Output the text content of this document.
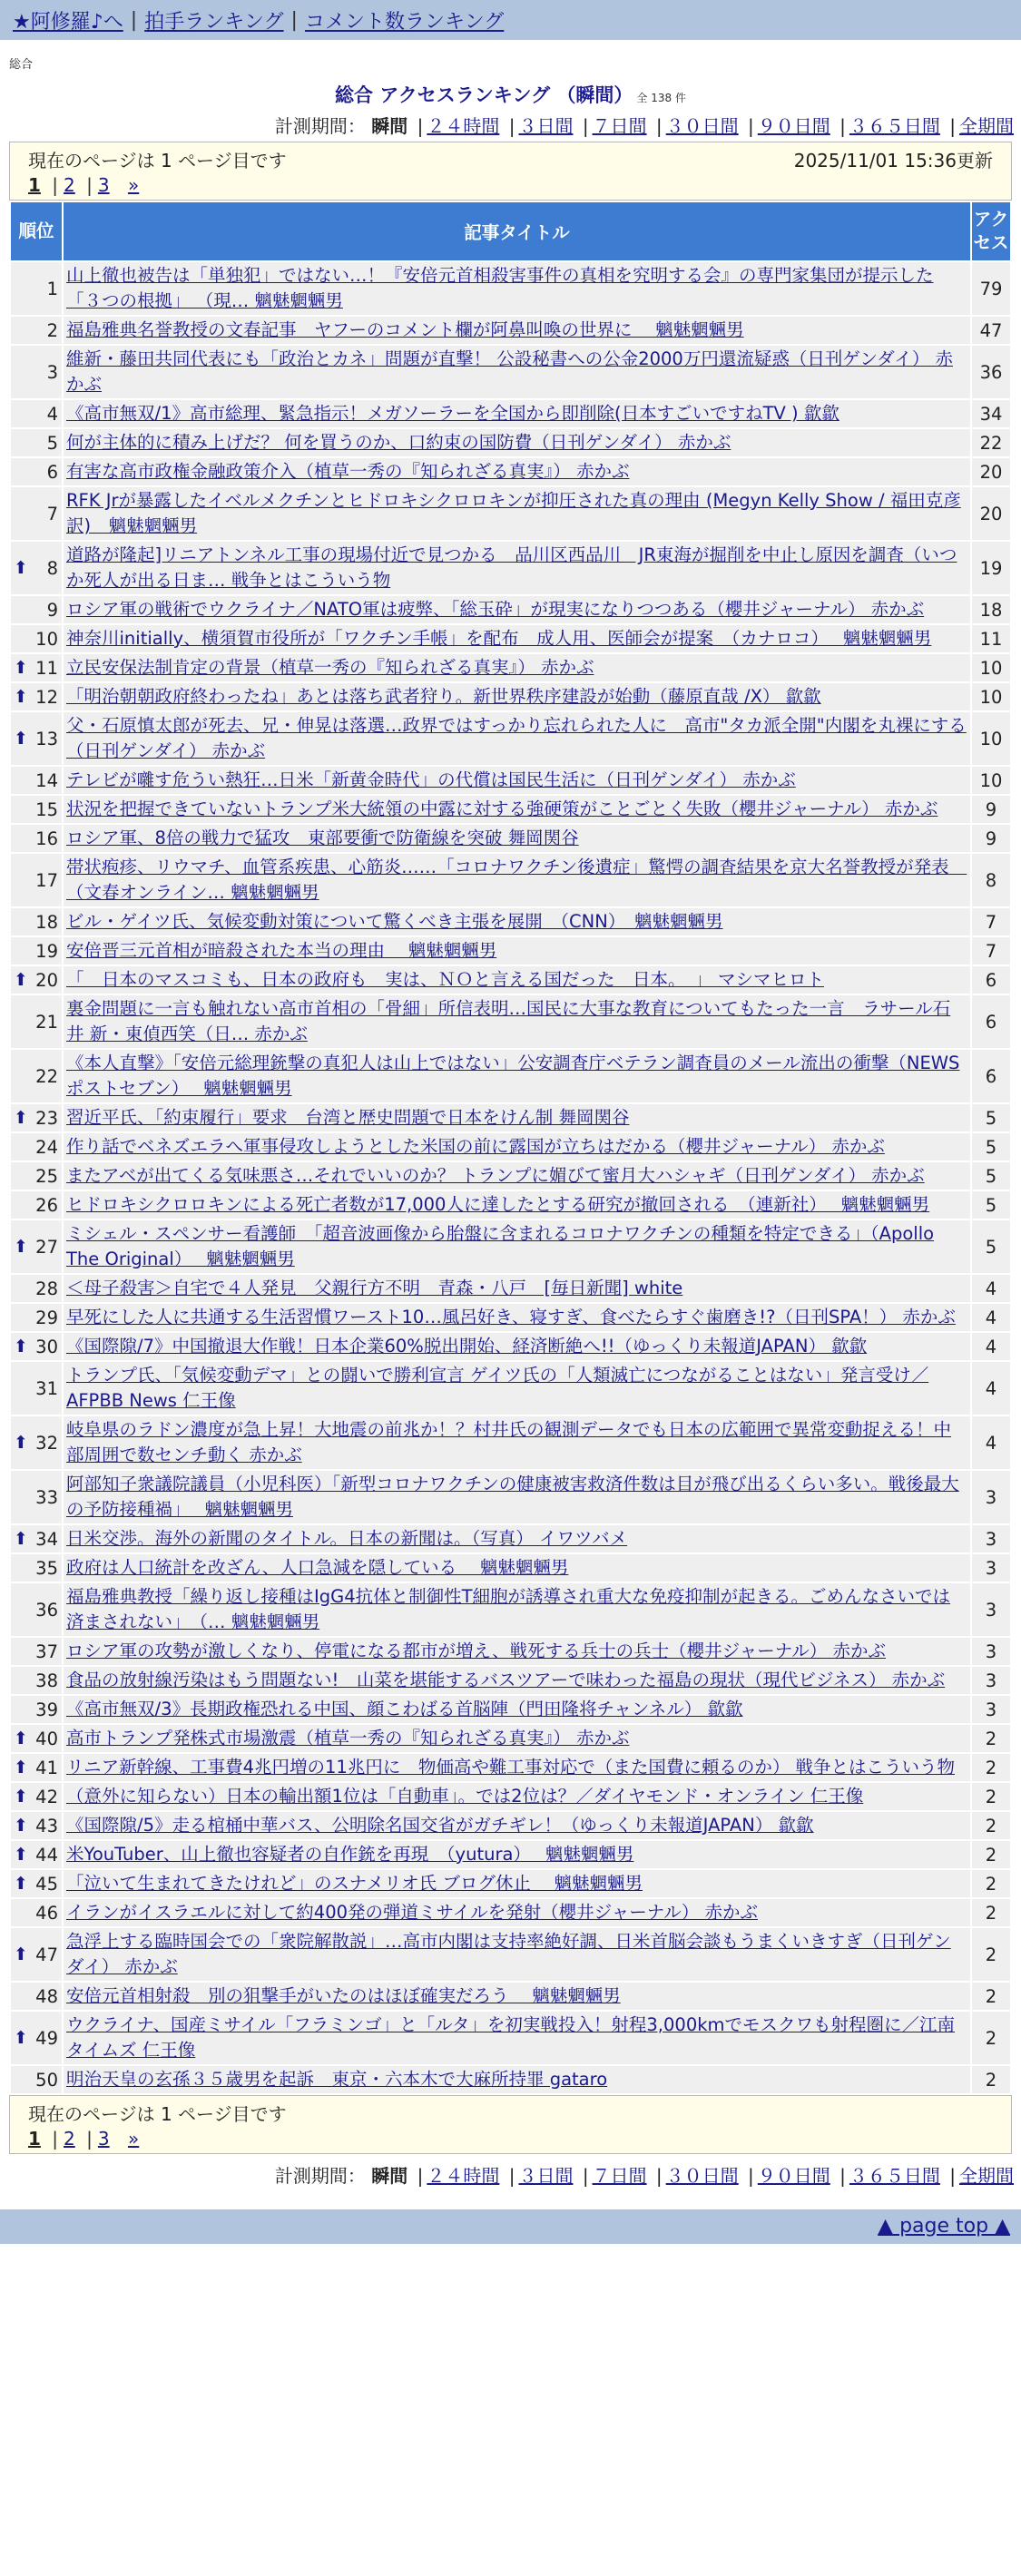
★阿修羅♪へ | 拍手ランキング | コメント数ランキング
総合
総合 アクセスランキング （瞬間） 全 138 件
計測期間： 瞬間 | ２４時間 | ３日間 | ７日間 | ３０日間 | ９０日間 | ３６５日間 | 全期間
現在のページは 1 ページ目です	2025/11/01 15:36更新
1 | 2 | 3 »
順位	記事タイトル	アクセス
1	山上徹也被告は「単独犯」ではない…！『安倍元首相殺害事件の真相を究明する会』の専門家集団が提示した「３つの根拠」 （現… 魑魅魍魎男	79
2	福島雅典名誉教授の文春記事　ヤフーのコメント欄が阿鼻叫喚の世界に　 魑魅魍魎男	47
3	維新・藤田共同代表にも「政治とカネ」問題が直撃！ 公設秘書への公金2000万円還流疑惑（日刊ゲンダイ） 赤かぶ	36
4	《高市無双/1》高市総理、緊急指示！メガソーラーを全国から即削除(日本すごいですねTV ) 歙歙	34
5	何が主体的に積み上げだ？ 何を買うのか、口約束の国防費（日刊ゲンダイ） 赤かぶ	22
6	有害な高市政権金融政策介入（植草一秀の『知られざる真実』） 赤かぶ	20
7	RFK Jrが暴露したイベルメクチンとヒドロキシクロロキンが抑圧された真の理由 (Megyn Kelly Show / 福田克彦訳)　魑魅魍魎男	20

⬆ 8	道路が隆起]リニアトンネル工事の現場付近で見つかる　品川区西品川　JR東海が掘削を中止し原因を調査（いつか死人が出る日ま… 戦争とはこういう物	19
9	ロシア軍の戦術でウクライナ／NATO軍は疲弊、「総玉砕」が現実になりつつある（櫻井ジャーナル） 赤かぶ	18
10	神奈川initially、横須賀市役所が「ワクチン手帳」を配布　成人用、医師会が提案　（カナロコ）　 魑魅魍魎男	11

⬆ 11	立民安保法制肯定の背景（植草一秀の『知られざる真実』） 赤かぶ	10

⬆ 12	「明治朝朝政府終わったね」あとは落ち武者狩り。新世界秩序建設が始動（藤原直哉 /X） 歙歙	10

⬆ 13	父・石原慎太郎が死去、兄・伸晃は落選…政界ではすっかり忘れられた人に　高市"タカ派全開"内閣を丸裸にする（日刊ゲンダイ） 赤かぶ	10
14	テレビが囃す危うい熱狂…日米「新黄金時代」の代償は国民生活に（日刊ゲンダイ） 赤かぶ	10
15	状況を把握できていないトランプ米大統領の中露に対する強硬策がことごとく失敗（櫻井ジャーナル） 赤かぶ	9
16	ロシア軍、8倍の戦力で猛攻　東部要衝で防衛線を突破 舞岡関谷	9
17	帯状疱疹、リウマチ、血管系疾患、心筋炎……「コロナワクチン後遺症」驚愕の調査結果を京大名誉教授が発表　（文春オンライン… 魑魅魍魎男	8
18	ビル・ゲイツ氏、気候変動対策について驚くべき主張を展開　（CNN）　魑魅魍魎男	7
19	安倍晋三元首相が暗殺された本当の理由　 魑魅魍魎男	7

⬆ 20	「　日本のマスコミも、日本の政府も　実は、ＮＯと言える国だった　日本。　」 マシマヒロト	6
21	裏金問題に一言も触れない高市首相の「骨細」所信表明…国民に大事な教育についてもたった一言　ラサール石井 新・東偵西笑（日… 赤かぶ	6
22	《本人直撃》「安倍元総理銃撃の真犯人は山上ではない」公安調査庁ベテラン調査員のメール流出の衝撃（NEWSポストセブン）　 魑魅魍魎男	6

⬆ 23	習近平氏、「約束履行」要求　台湾と歴史問題で日本をけん制 舞岡関谷	5
24	作り話でベネズエラへ軍事侵攻しようとした米国の前に露国が立ちはだかる（櫻井ジャーナル） 赤かぶ	5
25	またアベが出てくる気味悪さ…それでいいのか？ トランプに媚びて蜜月大ハシャギ（日刊ゲンダイ） 赤かぶ	5
26	ヒドロキシクロロキンによる死亡者数が17,000人に達したとする研究が撤回される　（連新社）　 魑魅魍魎男	5

⬆ 27	ミシェル・スペンサー看護師　「超音波画像から胎盤に含まれるコロナワクチンの種類を特定できる」（Apollo The Original）　 魑魅魍魎男	5
28	＜母子殺害＞自宅で４人発見　父親行方不明　青森・八戸　[毎日新聞] white	4
29	早死にした人に共通する生活習慣ワースト10…風呂好き、寝すぎ、食べたらすぐ歯磨き!?（日刊SPA！） 赤かぶ	4

⬆ 30	《国際隙/7》中国撤退大作戦！日本企業60%脱出開始、経済断絶へ!!（ゆっくり未報道JAPAN） 歙歙	4
31	トランプ氏、「気候変動デマ」との闘いで勝利宣言 ゲイツ氏の「人類滅亡につながることはない」発言受け／AFPBB News 仁王像	4

⬆ 32	岐阜県のラドン濃度が急上昇！大地震の前兆か！？村井氏の観測データでも日本の広範囲で異常変動捉える！中部周囲で数センチ動く 赤かぶ	4
33	阿部知子衆議院議員（小児科医）「新型コロナワクチンの健康被害救済件数は目が飛び出るくらい多い。戦後最大の予防接種禍」　 魑魅魍魎男	3

⬆ 34	日米交渉。海外の新聞のタイトル。日本の新聞は。（写真） イワツバメ	3
35	政府は人口統計を改ざん、人口急減を隠している　 魑魅魍魎男	3
36	福島雅典教授「繰り返し接種はIgG4抗体と制御性T細胞が誘導され重大な免疫抑制が起きる。ごめんなさいでは済まされない」　（… 魑魅魍魎男	3
37	ロシア軍の攻勢が激しくなり、停電になる都市が増え、戦死する兵士の兵士（櫻井ジャーナル） 赤かぶ	3
38	食品の放射線汚染はもう問題ない!　山菜を堪能するバスツアーで味わった福島の現状（現代ビジネス） 赤かぶ	3
39	《高市無双/3》長期政権恐れる中国、顔こわばる首脳陣（門田隆将チャンネル） 歙歙	3

⬆ 40	高市トランプ発株式市場激震（植草一秀の『知られざる真実』） 赤かぶ	2

⬆ 41	リニア新幹線、工事費4兆円増の11兆円に　物価高や難工事対応で（また国費に頼るのか） 戦争とはこういう物	2

⬆ 42	（意外に知らない）日本の輸出額1位は「自動車」。では2位は？／ダイヤモンド・オンライン 仁王像	2

⬆ 43	《国際隙/5》走る棺桶中華バス、公明除名国交省がガチギレ！（ゆっくり未報道JAPAN） 歙歙	2

⬆ 44	米YouTuber、山上徹也容疑者の自作銃を再現　（yutura）　 魑魅魍魎男	2

⬆ 45	「泣いて生まれてきたけれど」のスナメリオ氏 ブログ休止　 魑魅魍魎男	2
46	イランがイスラエルに対して約400発の弾道ミサイルを発射（櫻井ジャーナル） 赤かぶ	2

⬆ 47	急浮上する臨時国会での「衆院解散説」…高市内閣は支持率絶好調、日米首脳会談もうまくいきすぎ（日刊ゲンダイ） 赤かぶ	2
48	安倍元首相射殺　別の狙撃手がいたのはほぼ確実だろう　 魑魅魍魎男	2

⬆ 49	ウクライナ、国産ミサイル「フラミンゴ」と「ルタ」を初実戦投入！射程3,000kmでモスクワも射程圏に／江南タイムズ 仁王像	2
50	明治天皇の玄孫３５歳男を起訴　東京・六本木で大麻所持罪 gataro	2
現在のページは 1 ページ目です
1 | 2 | 3 »
計測期間： 瞬間 | ２４時間 | ３日間 | ７日間 | ３０日間 | ９０日間 | ３６５日間 | 全期間
▲ page top ▲
